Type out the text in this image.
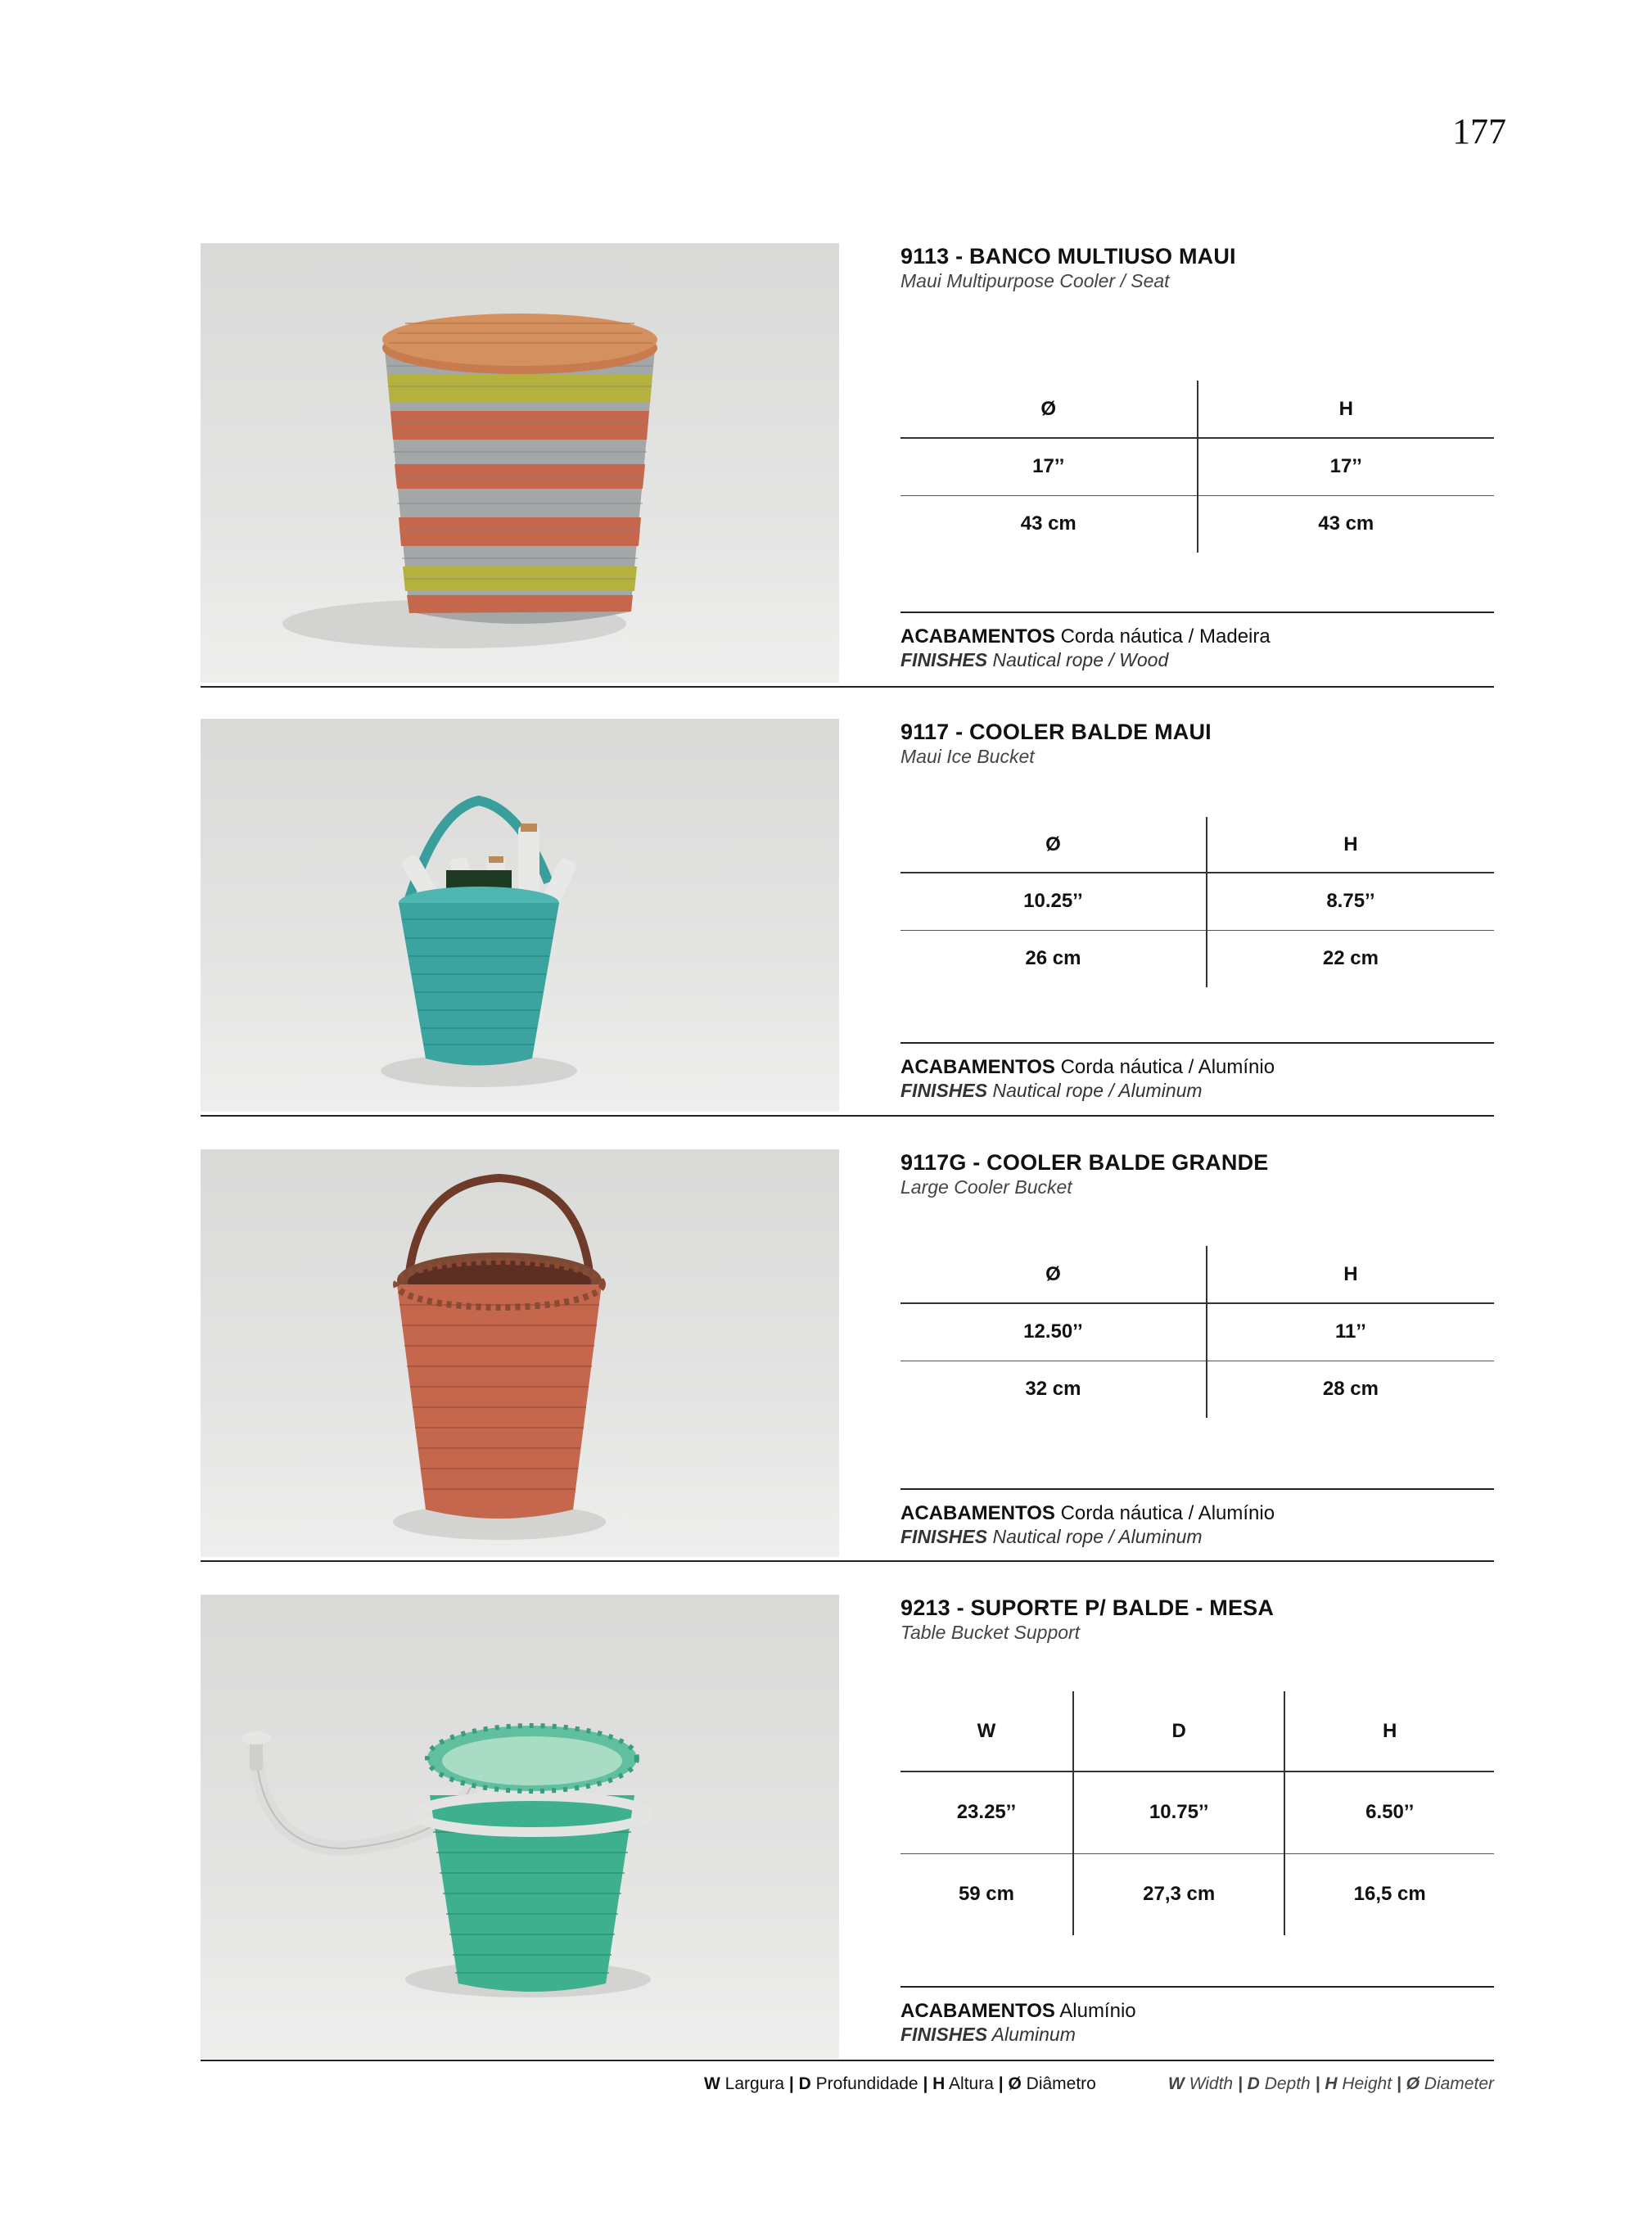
177

9113 - BANCO MULTIUSO MAUI

Maui Multipurpose Cooler / Seat

Ø	H
17’’	17’’
43 cm	43 cm
ACABAMENTOS Corda náutica / Madeira
FINISHES Nautical rope / Wood

9117 - COOLER BALDE MAUI

Maui Ice Bucket

Ø	H
10.25’’	8.75’’
26 cm	22 cm
ACABAMENTOS Corda náutica / Alumínio
FINISHES Nautical rope / Aluminum

9117G - COOLER BALDE GRANDE

Large Cooler Bucket

Ø	H
12.50’’	11’’
32 cm	28 cm
ACABAMENTOS Corda náutica / Alumínio
FINISHES Nautical rope / Aluminum

9213 - SUPORTE P/ BALDE - MESA

Table Bucket Support

W	D	H
23.25’’	10.75’’	6.50’’
59 cm	27,3 cm	16,5 cm
ACABAMENTOS Alumínio
FINISHES Aluminum
W Largura | D Profundidade | H Altura | Ø Diâmetro	W Width | D Depth | H Height | Ø Diameter
